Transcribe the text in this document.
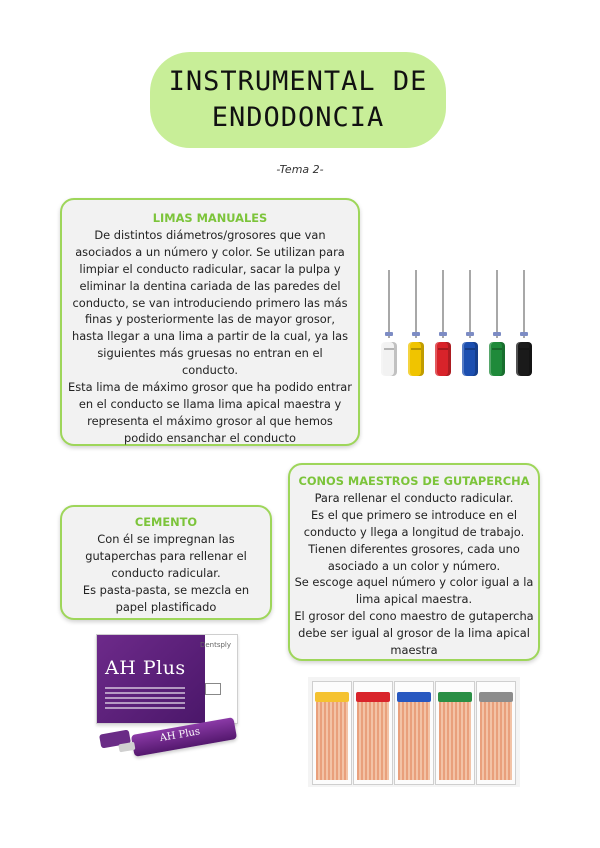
INSTRUMENTAL DE
ENDODONCIA
-Tema 2-
LIMAS MANUALES

De distintos diámetros/grosores que van asociados a un número y color. Se utilizan para limpiar el conducto radicular, sacar la pulpa y eliminar la dentina cariada de las paredes del conducto, se van introduciendo primero las más finas y posteriormente las de mayor grosor, hasta llegar a una lima a partir de la cual, ya las siguientes más gruesas no entran en el conducto.

Esta lima de máximo grosor que ha podido entrar en el conducto se llama lima apical maestra y representa el máximo grosor al que hemos podido ensanchar el conducto

CEMENTO

Con él se impregnan las gutaperchas para rellenar el conducto radicular.

Es pasta-pasta, se mezcla en papel plastificado

CONOS MAESTROS DE GUTAPERCHA

Para rellenar el conducto radicular.

Es el que primero se introduce en el conducto y llega a longitud de trabajo.

Tienen diferentes grosores, cada uno asociado a un color y número.

Se escoge aquel número y color igual a la lima apical maestra.

El grosor del cono maestro de gutapercha debe ser igual al grosor de la lima apical maestra

AH Plus
Dentsply
AH Plus
